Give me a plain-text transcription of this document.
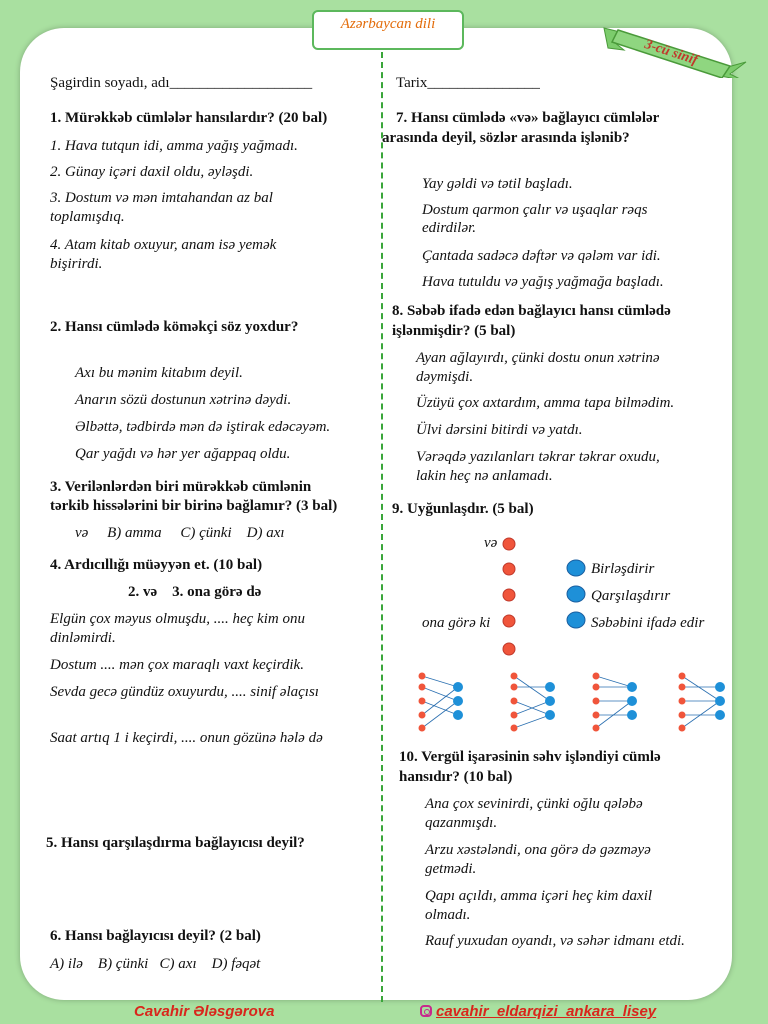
Azərbaycan dili
3-cü sinif
Şagirdin soyadı, adı___________________	Tarix_______________
1. Mürəkkəb cümlələr hansılardır? (20 bal)
1. Hava tutqun idi, amma yağış yağmadı.
2. Günay içəri daxil oldu, əyləşdi.
3. Dostum və mən imtahandan az bal
toplamışdıq.
4. Atam kitab oxuyur, anam isə yemək
bişirirdi.
2. Hansı cümlədə köməkçi söz yoxdur?
Axı bu mənim kitabım deyil.
Anarın sözü dostunun xətrinə dəydi.
Əlbəttə, tədbirdə mən də iştirak edəcəyəm.
Qar yağdı və hər yer ağappaq oldu.
3. Verilənlərdən biri mürəkkəb cümlənin
tərkib hissələrini bir birinə bağlamır? (3 bal)
və     B) amma     C) çünki    D) axı
4. Ardıcıllığı müəyyən et. (10 bal)
2. və    3. ona görə də
Elgün çox məyus olmuşdu, .... heç kim onu
dinləmirdi.
Dostum .... mən çox maraqlı vaxt keçirdik.
Sevda gecə gündüz oxuyurdu, .... sinif əlaçısı
Saat artıq 1 i keçirdi, .... onun gözünə hələ də
5. Hansı qarşılaşdırma bağlayıcısı deyil?
6. Hansı bağlayıcısı deyil? (2 bal)
A) ilə    B) çünki   C) axı    D) fəqət
7. Hansı cümlədə «və» bağlayıcı cümlələr
arasında deyil, sözlər arasında işlənib?
Yay gəldi və tətil başladı.
Dostum qarmon çalır və uşaqlar rəqs
edirdilər.
Çantada sadəcə dəftər və qələm var idi.
Hava tutuldu və yağış yağmağa başladı.
8. Səbəb ifadə edən bağlayıcı hansı cümlədə
işlənmişdir? (5 bal)
Ayan ağlayırdı, çünki dostu onun xətrinə
dəymişdi.
Üzüyü çox axtardım, amma tapa bilmədim.
Ülvi dərsini bitirdi və yatdı.
Vərəqdə yazılanları təkrar təkrar oxudu,
lakin heç nə anlamadı.
9. Uyğunlaşdır. (5 bal)
və
ona görə ki
Birləşdirir
Qarşılaşdırır
Səbəbini ifadə edir
10. Vergül işarəsinin səhv işləndiyi cümlə
hansıdır? (10 bal)
Ana çox sevinirdi, çünki oğlu qələbə
qazanmışdı.
Arzu xəstələndi, ona görə də gəzməyə
getmədi.
Qapı açıldı, amma içəri heç kim daxil
olmadı.
Rauf yuxudan oyandı, və səhər idmanı etdi.
Cavahir Ələsgərova	cavahir_eldarqizi_ankara_lisey
